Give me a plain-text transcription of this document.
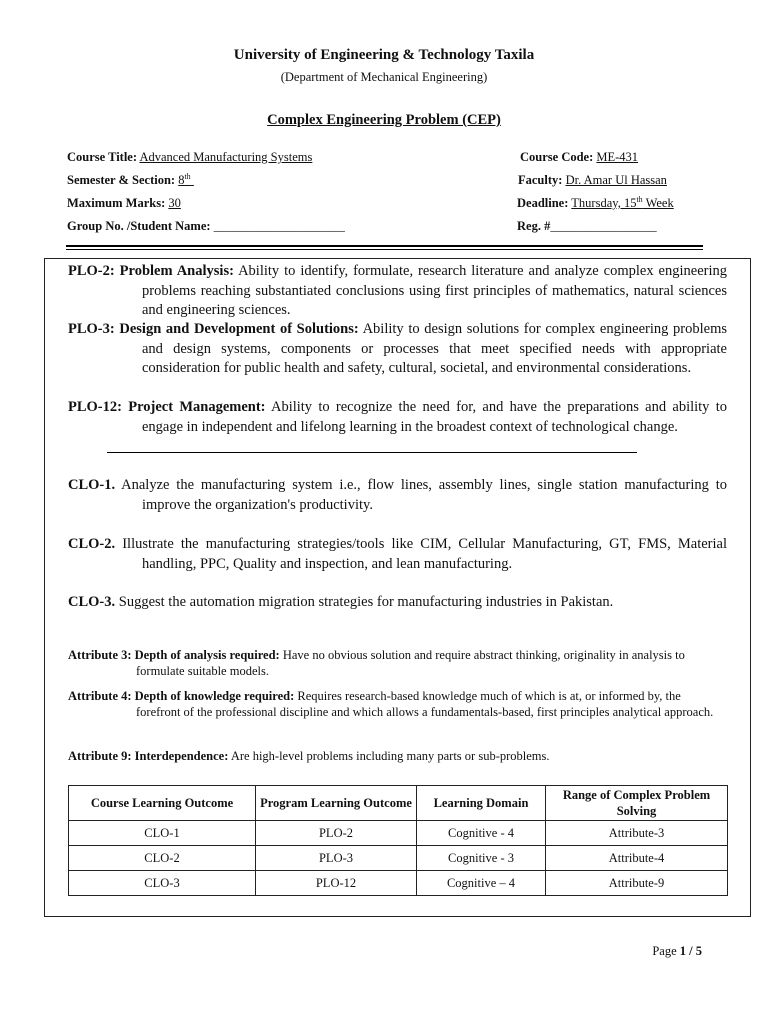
University of Engineering & Technology Taxila
(Department of Mechanical Engineering)
Complex Engineering Problem (CEP)
Course Title: Advanced Manufacturing Systems	Course Code: ME-431
Semester & Section: 8th	Faculty: Dr. Amar Ul Hassan
Maximum Marks: 30	Deadline: Thursday, 15th Week
Group No. /Student Name: _____________________	Reg. #_________________
PLO-2: Problem Analysis: Ability to identify, formulate, research literature and analyze complex engineering problems reaching substantiated conclusions using first principles of mathematics, natural sciences and engineering sciences.
PLO-3: Design and Development of Solutions: Ability to design solutions for complex engineering problems and design systems, components or processes that meet specified needs with appropriate consideration for public health and safety, cultural, societal, and environmental considerations.
PLO-12: Project Management: Ability to recognize the need for, and have the preparations and ability to engage in independent and lifelong learning in the broadest context of technological change.
CLO-1. Analyze the manufacturing system i.e., flow lines, assembly lines, single station manufacturing to improve the organization's productivity.
CLO-2. Illustrate the manufacturing strategies/tools like CIM, Cellular Manufacturing, GT, FMS, Material handling, PPC, Quality and inspection, and lean manufacturing.
CLO-3. Suggest the automation migration strategies for manufacturing industries in Pakistan.
Attribute 3: Depth of analysis required: Have no obvious solution and require abstract thinking, originality in analysis to formulate suitable models.
Attribute 4: Depth of knowledge required: Requires research-based knowledge much of which is at, or informed by, the forefront of the professional discipline and which allows a fundamentals-based, first principles analytical approach.
Attribute 9: Interdependence: Are high-level problems including many parts or sub-problems.
Course Learning Outcome	Program Learning Outcome	Learning Domain	Range of Complex Problem Solving
CLO-1	PLO-2	Cognitive - 4	Attribute-3
CLO-2	PLO-3	Cognitive - 3	Attribute-4
CLO-3	PLO-12	Cognitive – 4	Attribute-9
Page 1 / 5
